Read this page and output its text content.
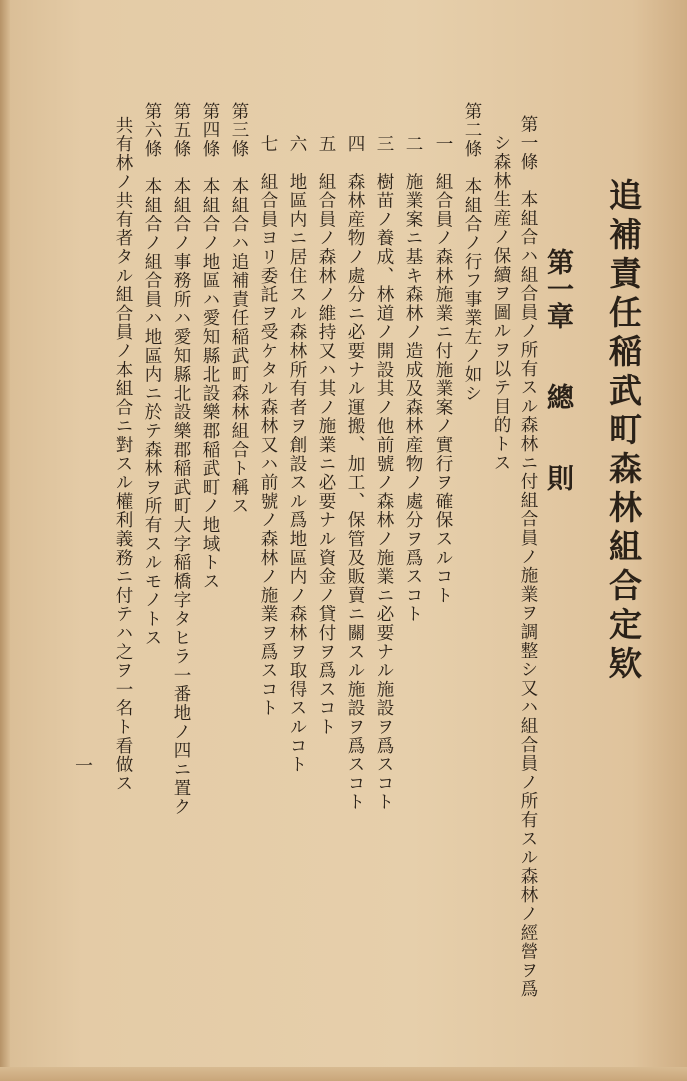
追補責任稲武町森林組合定欵
第一章　　總　　則
第一條　本組合ハ組合員ノ所有スル森林ニ付組合員ノ施業ヲ調整シ又ハ組合員ノ所有スル森林ノ經營ヲ爲
　シ森林生産ノ保續ヲ圖ルヲ以テ目的トス
第二條　本組合ノ行フ事業左ノ如シ
　一　組合員ノ森林施業ニ付施業案ノ實行ヲ確保スルコト
　二　施業案ニ基キ森林ノ造成及森林産物ノ處分ヲ爲スコト
　三　樹苗ノ養成、林道ノ開設其ノ他前號ノ森林ノ施業ニ必要ナル施設ヲ爲スコト
　四　森林産物ノ處分ニ必要ナル運搬、加工、保管及販賣ニ關スル施設ヲ爲スコト
　五　組合員ノ森林ノ維持又ハ其ノ施業ニ必要ナル資金ノ貸付ヲ爲スコト
　六　地區内ニ居住スル森林所有者ヲ創設スル爲地區内ノ森林ヲ取得スルコト
　七　組合員ヨリ委託ヲ受ケタル森林又ハ前號ノ森林ノ施業ヲ爲スコト
第三條　本組合ハ追補責任稲武町森林組合ト稱ス
第四條　本組合ノ地區ハ愛知縣北設樂郡稲武町ノ地域トス
第五條　本組合ノ事務所ハ愛知縣北設樂郡稲武町大字稲橋字タヒラ一番地ノ四ニ置ク
第六條　本組合ノ組合員ハ地區内ニ於テ森林ヲ所有スルモノトス
共有林ノ共有者タル組合員ノ本組合ニ對スル權利義務ニ付テハ之ヲ一名ト看做ス
一
